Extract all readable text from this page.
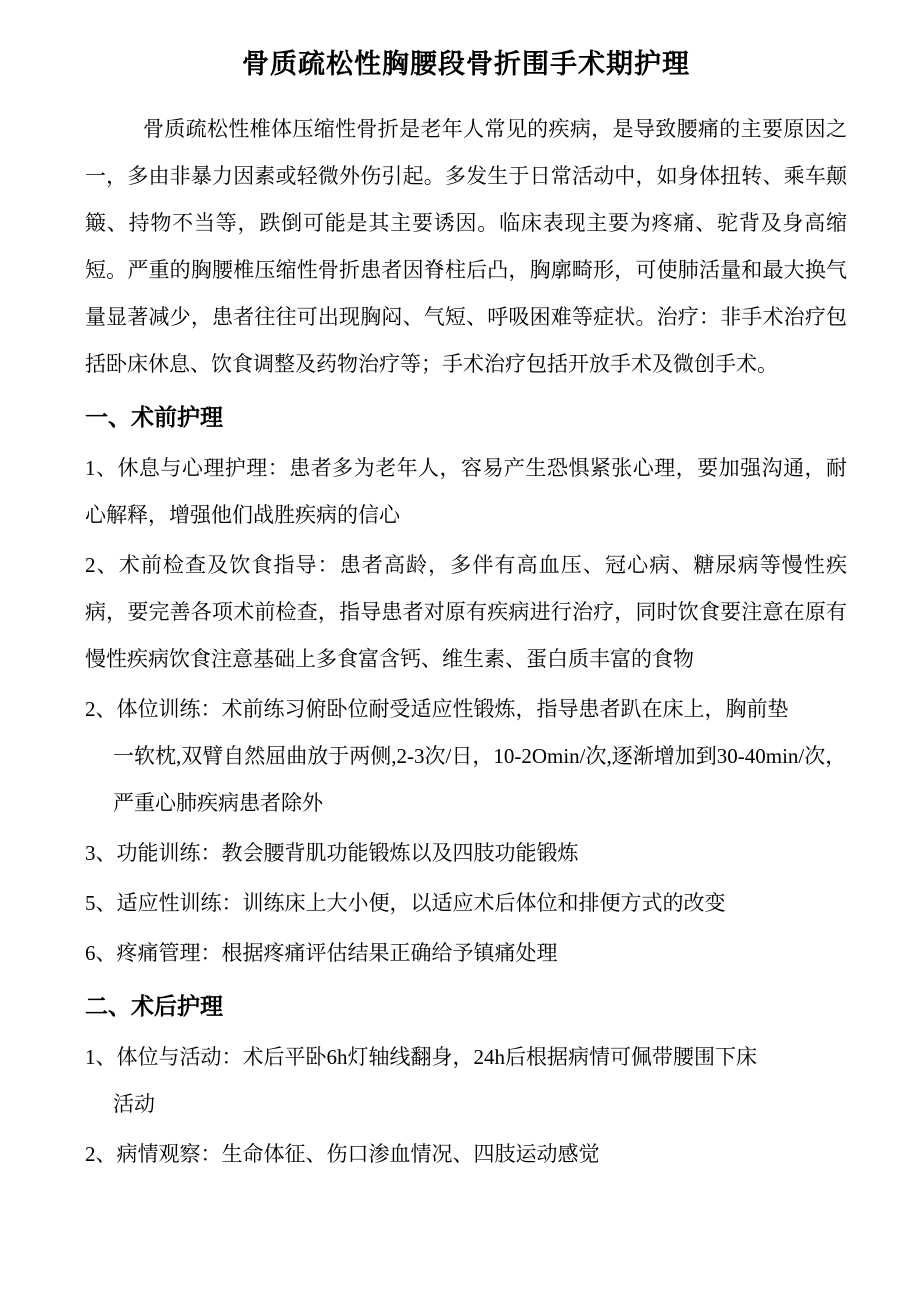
骨质疏松性胸腰段骨折围手术期护理

骨质疏松性椎体压缩性骨折是老年人常见的疾病，是导致腰痛的主要原因之一，多由非暴力因素或轻微外伤引起。多发生于日常活动中，如身体扭转、乘车颠簸、持物不当等，跌倒可能是其主要诱因。临床表现主要为疼痛、驼背及身高缩短。严重的胸腰椎压缩性骨折患者因脊柱后凸，胸廓畸形，可使肺活量和最大换气量显著减少，患者往往可出现胸闷、气短、呼吸困难等症状。治疗：非手术治疗包括卧床休息、饮食调整及药物治疗等；手术治疗包括开放手术及微创手术。

一、术前护理

1、休息与心理护理：患者多为老年人，容易产生恐惧紧张心理，要加强沟通，耐心解释，增强他们战胜疾病的信心

2、术前检查及饮食指导：患者高龄，多伴有高血压、冠心病、糖尿病等慢性疾病，要完善各项术前检查，指导患者对原有疾病进行治疗，同时饮食要注意在原有慢性疾病饮食注意基础上多食富含钙、维生素、蛋白质丰富的食物

2、体位训练：术前练习俯卧位耐受适应性锻炼，指导患者趴在床上，胸前垫

一软枕,双臂自然屈曲放于两侧,2-3次/日，10-2Omin/次,逐渐增加到30-40min/次，

严重心肺疾病患者除外

3、功能训练：教会腰背肌功能锻炼以及四肢功能锻炼

5、适应性训练：训练床上大小便，以适应术后体位和排便方式的改变

6、疼痛管理：根据疼痛评估结果正确给予镇痛处理

二、术后护理

1、体位与活动：术后平卧6h灯轴线翻身，24h后根据病情可佩带腰围下床

活动

2、病情观察：生命体征、伤口渗血情况、四肢运动感觉
